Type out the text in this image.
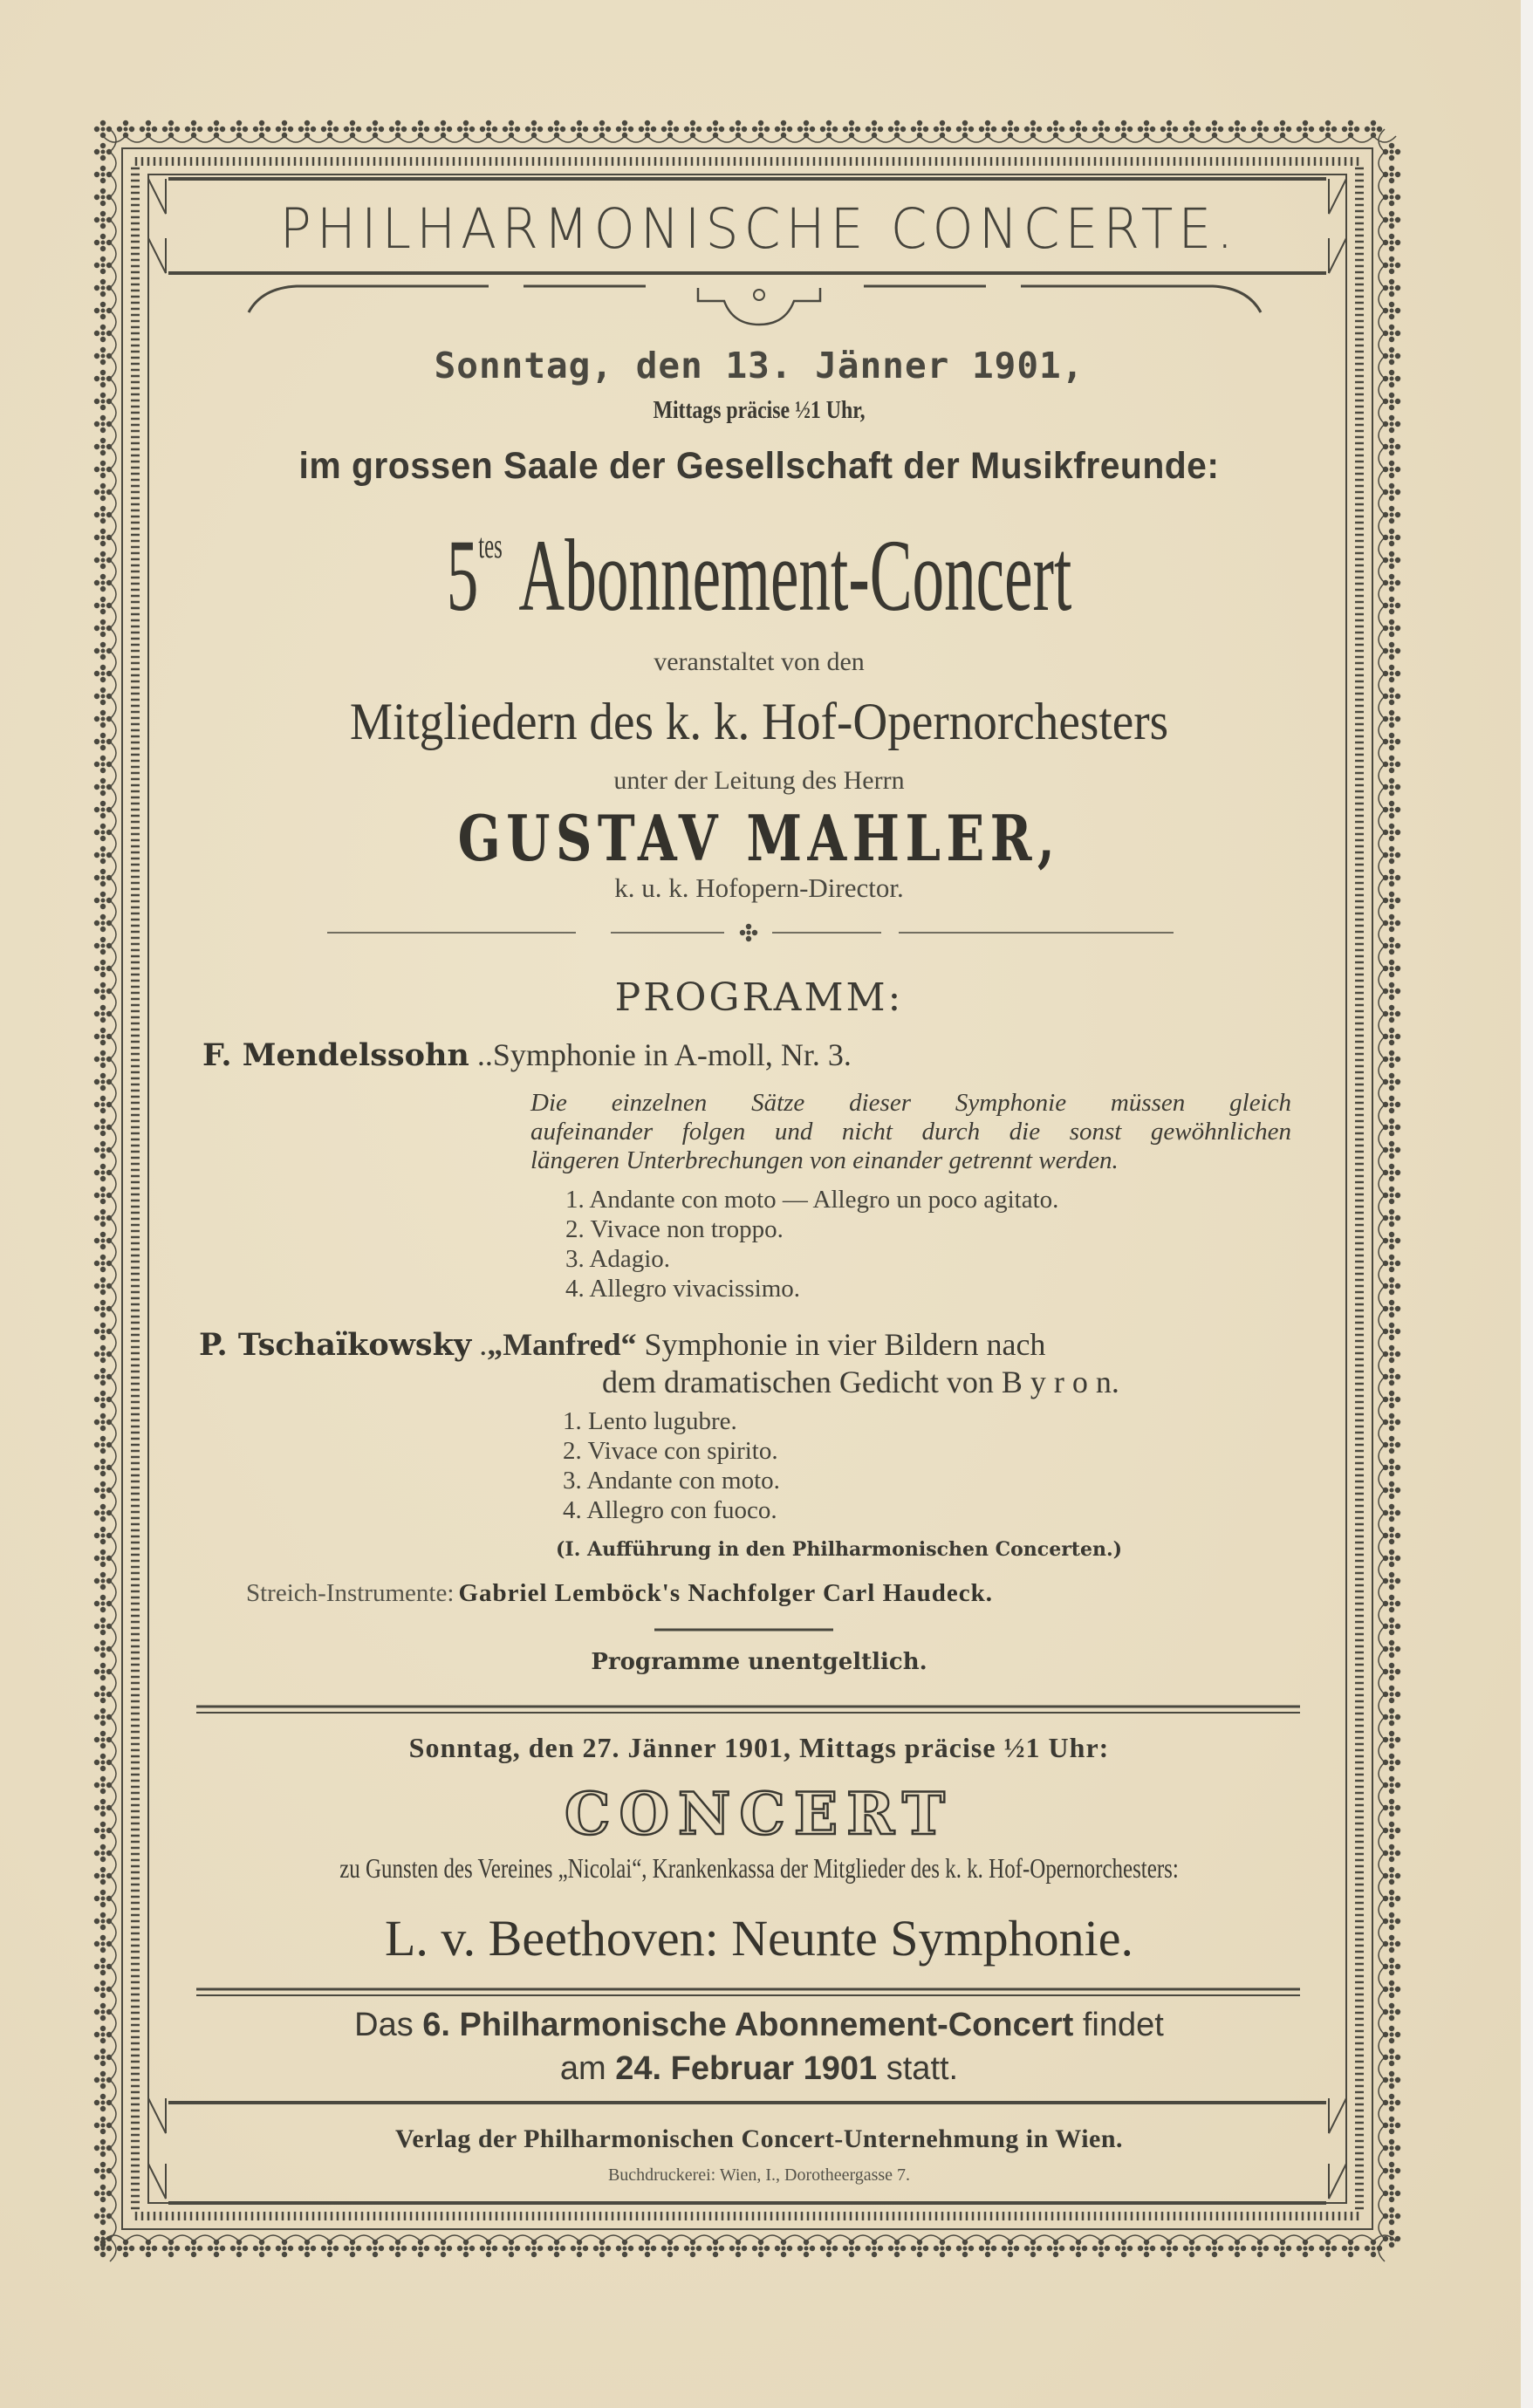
PHILHARMONISCHE CONCERTE.
Sonntag, den 13. Jänner 1901,
Mittags präcise ½1 Uhr,
im grossen Saale der Gesellschaft der Musikfreunde:
$5^{tes}$ Abonnement-Concert
veranstaltet von den
Mitgliedern des k. k. Hof-Opernorchesters
unter der Leitung des Herrn
GUSTAV MAHLER,
k. u. k. Hofopern-Director.
PROGRAMM:
F. Mendelssohn ..Symphonie in A-moll, Nr. 3.
Die einzelnen Sätze dieser Symphonie müssen gleich
aufeinander folgen und nicht durch die sonst gewöhnlichen
längeren Unterbrechungen von einander getrennt werden.
1. Andante con moto — Allegro un poco agitato.
2. Vivace non troppo.
3. Adagio.
4. Allegro vivacissimo.
P. Tschaïkowsky .„Manfred“ Symphonie in vier Bildern nach
dem dramatischen Gedicht von B y r o n.
1. Lento lugubre.
2. Vivace con spirito.
3. Andante con moto.
4. Allegro con fuoco.
(I. Aufführung in den Philharmonischen Concerten.)
Streich-Instrumente: Gabriel Lemböck's Nachfolger Carl Haudeck.
Programme unentgeltlich.
Sonntag, den 27. Jänner 1901, Mittags präcise ½1 Uhr:
CONCERT
zu Gunsten des Vereines „Nicolai“, Krankenkassa der Mitglieder des k. k. Hof-Opernorchesters:
L. v. Beethoven: Neunte Symphonie.
Das 6. Philharmonische Abonnement-Concert findet
am 24. Februar 1901 statt.
Verlag der Philharmonischen Concert-Unternehmung in Wien.
Buchdruckerei: Wien, I., Dorotheergasse 7.
